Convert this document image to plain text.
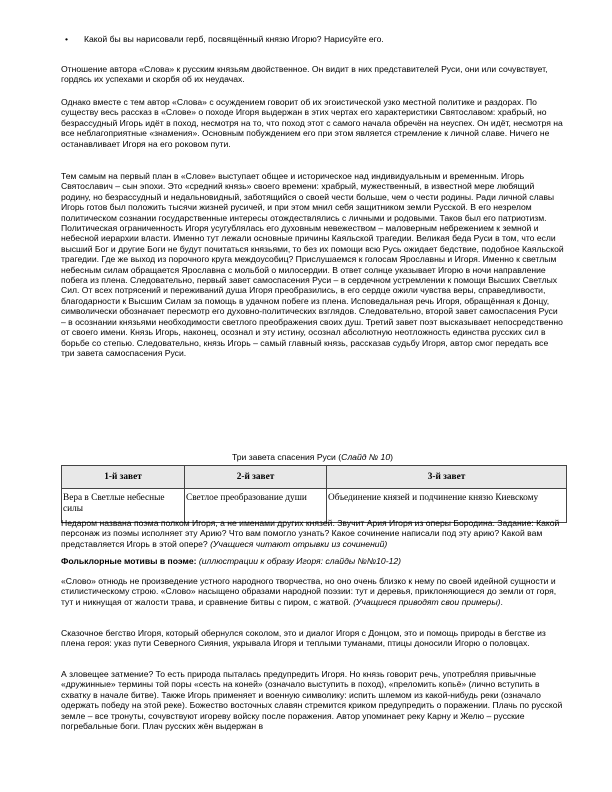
• Какой бы вы нарисовали герб, посвящённый князю Игорю? Нарисуйте его.

Отношение автора «Слова» к русским князьям двойственное. Он видит в них представителей Руси, они или сочувствует, гордясь их успехами и скорбя об их неудачах.

Однако вместе с тем автор «Слова» с осуждением говорит об их эгоистической узко местной политике и раздорах. По существу весь рассказ в «Слове» о походе Игоря выдержан в этих чертах его характеристики Святославом: храбрый, но безрассудный Игорь идёт в поход, несмотря на то, что поход этот с самого начала обречён на неуспех. Он идёт, несмотря на все неблагоприятные «знамения». Основным побуждением его при этом является стремление к личной славе. Ничего не останавливает Игоря на его роковом пути.

Тем самым на первый план в «Слове» выступает общее и историческое над индивидуальным и временным. Игорь Святославич – сын эпохи. Это «средний князь» своего времени: храбрый, мужественный, в известной мере любящий родину, но безрассудный и недальновидный, заботящийся о своей чести больше, чем о чести родины. Ради личной славы Игорь готов был положить тысячи жизней русичей, и при этом мнил себя защитником земли Русской. В его незрелом политическом сознании государственные интересы отождествлялись с личными и родовыми. Таков был его патриотизм. Политическая ограниченность Игоря усугублялась его духовным невежеством – маловерным небрежением к земной и небесной иерархии власти. Именно тут лежали основные причины Каяльской трагедии. Великая беда Руси в том, что если высший Бог и другие Боги не будут почитаться князьями, то без их помощи всю Русь ожидает бедствие, подобное Каяльской трагедии. Где же выход из порочного круга междоусобиц? Прислушаемся к голосам Ярославны и Игоря. Именно к светлым небесным силам обращается Ярославна с мольбой о милосердии. В ответ солнце указывает Игорю в ночи направление побега из плена. Следовательно, первый завет самоспасения Руси – в сердечном устремлении к помощи Высших Светлых Сил. От всех потрясений и переживаний душа Игоря преобразились, в его сердце ожили чувства веры, справедливости, благодарности к Высшим Силам за помощь в удачном побеге из плена. Исповедальная речь Игоря, обращённая к Донцу, символически обозначает пересмотр его духовно-политических взглядов. Следовательно, второй завет самоспасения Руси – в осознании князьями необходимости светлого преображения своих душ. Третий завет поэт высказывает непосредственно от своего имени. Князь Игорь, наконец, осознал и эту истину, осознал абсолютную неотложность единства русских сил в борьбе со степью. Следовательно, князь Игорь – самый главный князь, рассказав судьбу Игоря, автор смог передать все три завета самоспасения Руси.

Три завета спасения Руси (Слайд № 10)
1-й завет	2-й завет	3-й завет
Вера в Светлые небесные силы	Светлое преобразование души	Объединение князей и подчинение князю Киевскому

Недаром названа поэма полком Игоря, а не именами других князей. Звучит Ария Игоря из оперы Бородина. Задание: Какой персонаж из поэмы исполняет эту Арию? Что вам помогло узнать? Какое сочинение написали под эту арию? Какой вам представляется Игорь в этой опере? (Учащиеся читают отрывки из сочинений)

Фольклорные мотивы в поэме: (иллюстрации к образу Игоря: слайды №№10-12)

«Слово» отнюдь не произведение устного народного творчества, но оно очень близко к нему по своей идейной сущности и стилистическому строю. «Слово» насыщено образами народной поэзии: тут и деревья, приклоняющиеся до земли от горя, тут и никнущая от жалости трава, и сравнение битвы с пиром, с жатвой. (Учащиеся приводят свои примеры).

Сказочное бегство Игоря, который обернулся соколом, это и диалог Игоря с Донцом, это и помощь природы в бегстве из плена героя: указ пути Северного Сияния, укрывала Игоря и теплыми туманами, птицы доносили Игорю о половцах.

А зловещее затмение? То есть природа пыталась предупредить Игоря. Но князь говорит речь, употребляя привычные «дружинные» термины той поры «сесть на коней» (означало выступить в поход), «преломить копьё» (лично вступить в схватку в начале битве). Также Игорь применяет и военную символику: испить шлемом из какой-нибудь реки (означало одержать победу на этой реке). Божество восточных славян стремится криком предупредить о поражении. Плачь по русской земле – все тронуты, сочувствуют игореву войску после поражения. Автор упоминает реку Карну и Желю – русские погребальные боги. Плач русских жён выдержан в
